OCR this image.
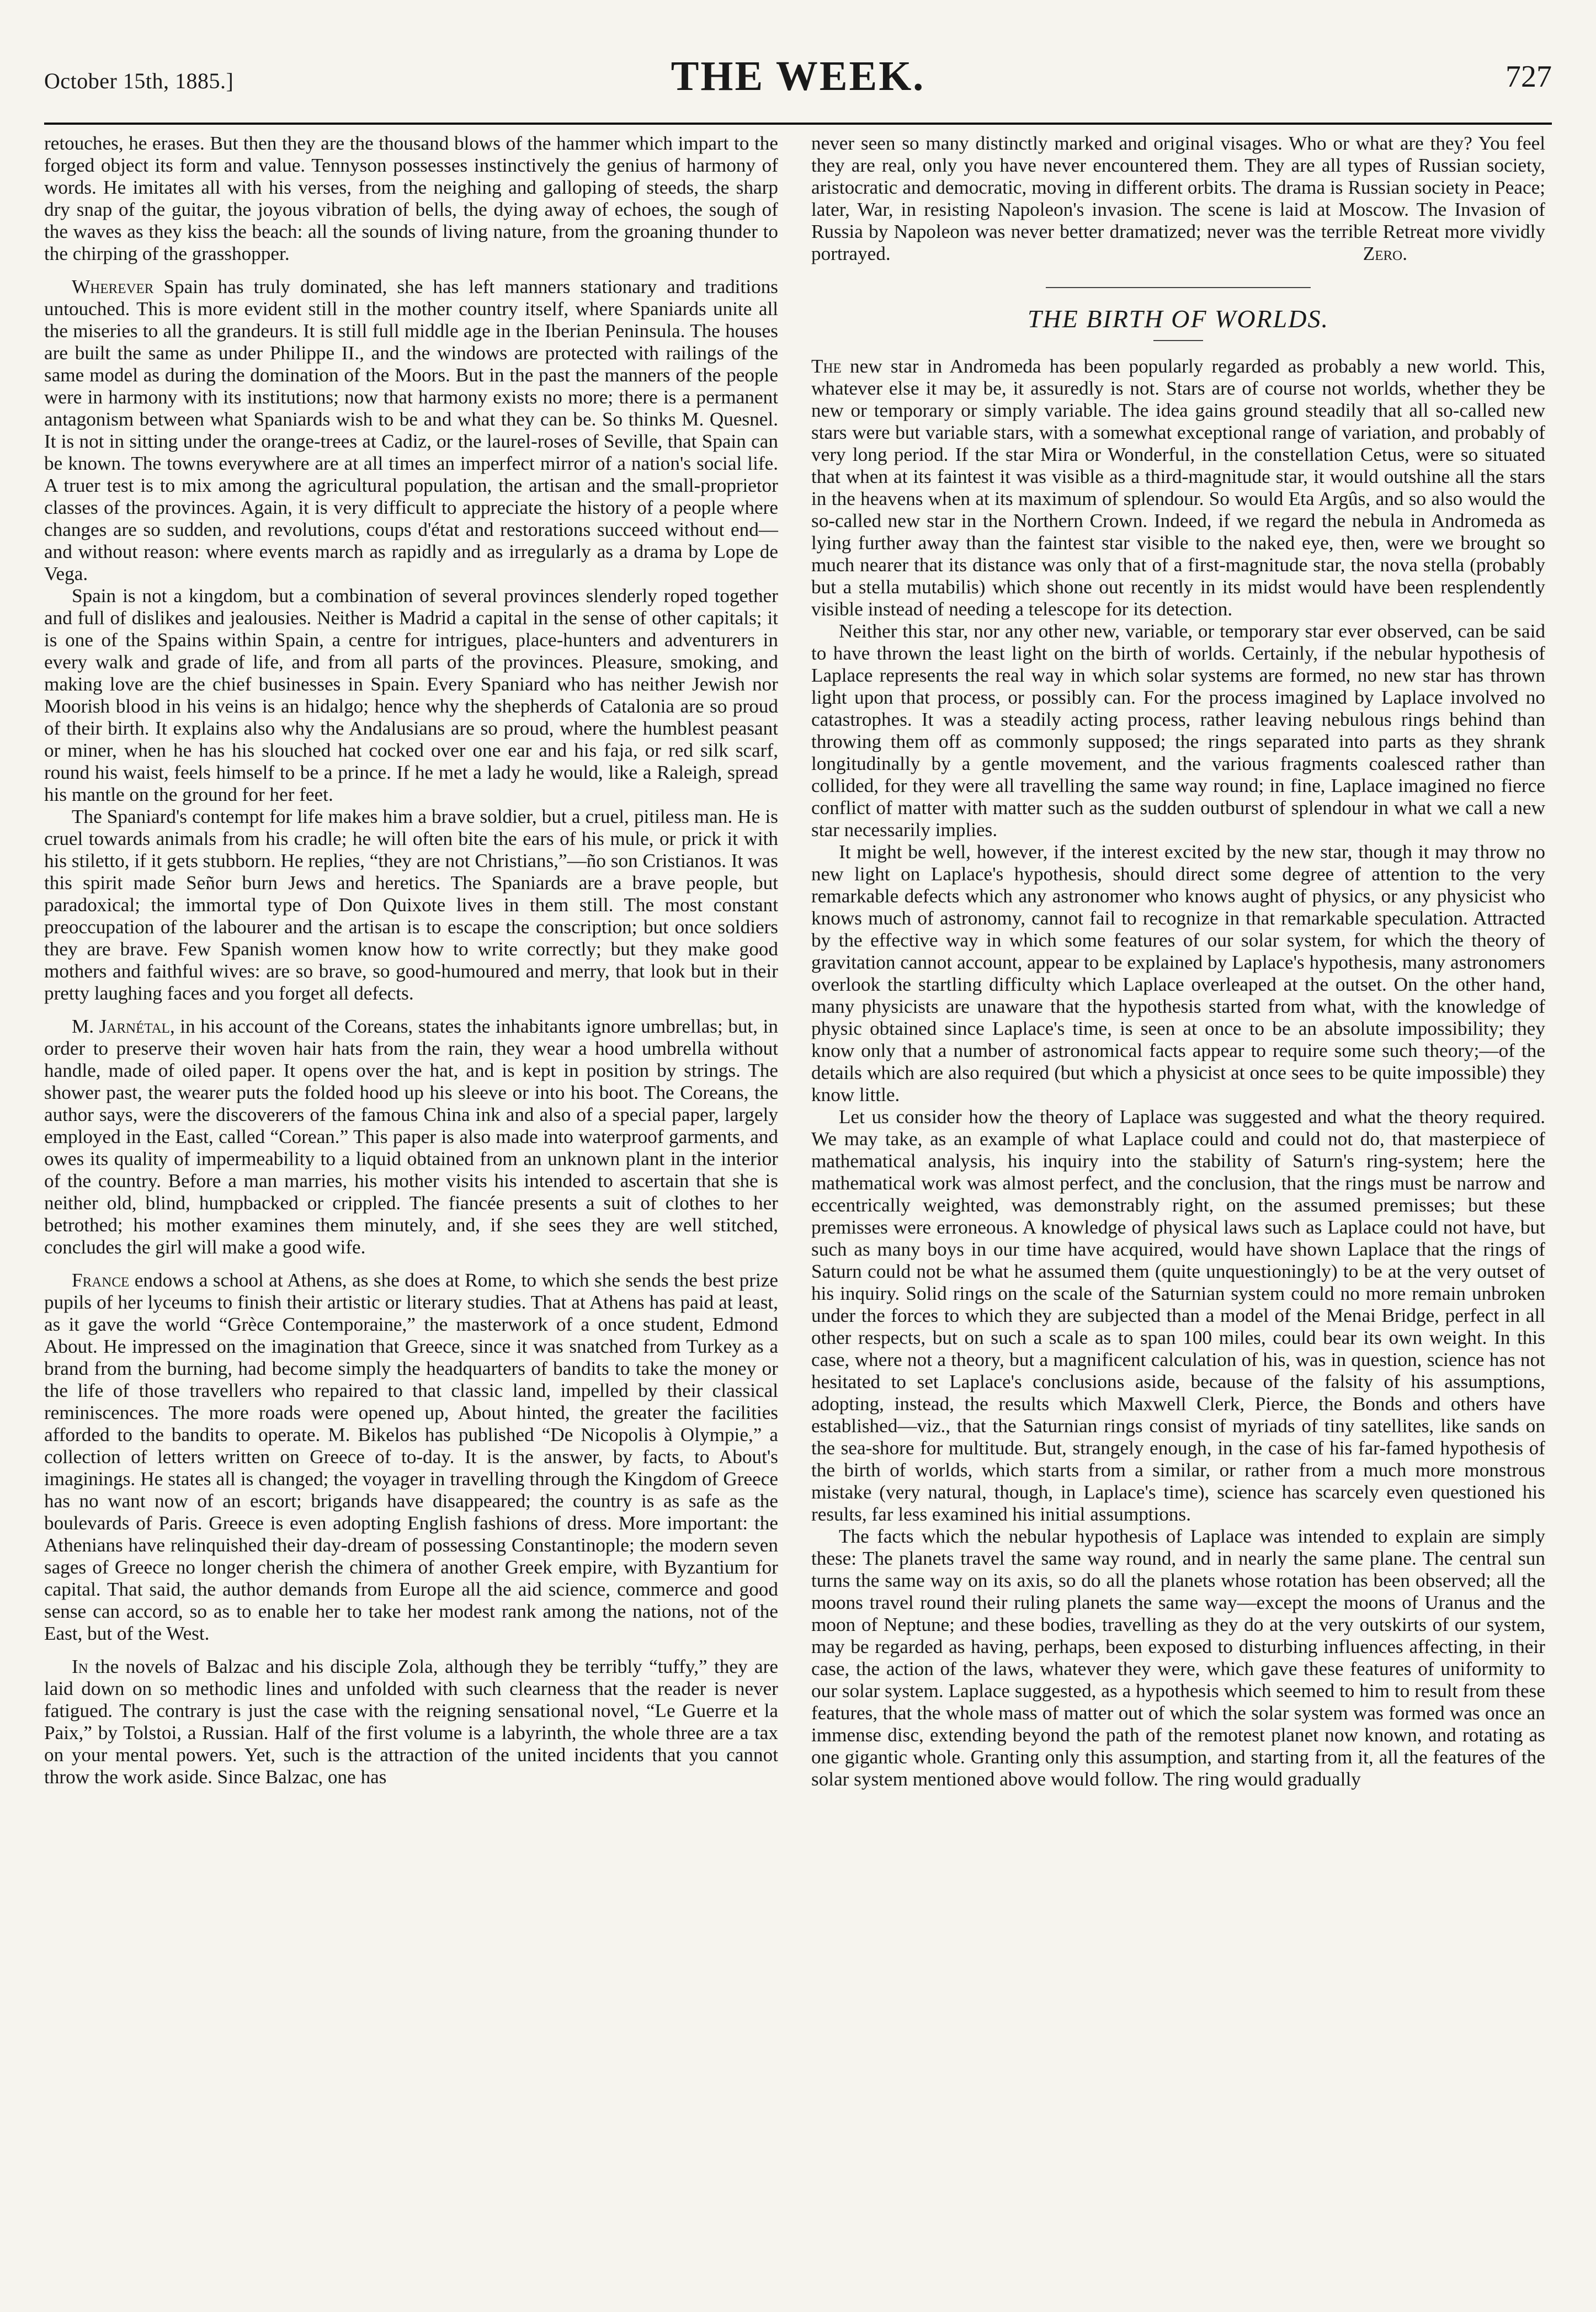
October 15th, 1885.]	THE WEEK.	727

retouches, he erases. But then they are the thousand blows of the hammer which impart to the forged object its form and value. Tennyson possesses instinctively the genius of harmony of words. He imitates all with his verses, from the neighing and galloping of steeds, the sharp dry snap of the guitar, the joyous vibration of bells, the dying away of echoes, the sough of the waves as they kiss the beach: all the sounds of living nature, from the groaning thunder to the chirping of the grasshopper.

Wherever Spain has truly dominated, she has left manners stationary and traditions untouched. This is more evident still in the mother country itself, where Spaniards unite all the miseries to all the grandeurs. It is still full middle age in the Iberian Peninsula. The houses are built the same as under Philippe II., and the windows are protected with railings of the same model as during the domination of the Moors. But in the past the manners of the people were in harmony with its institutions; now that harmony exists no more; there is a permanent antagonism between what Spaniards wish to be and what they can be. So thinks M. Quesnel. It is not in sitting under the orange-trees at Cadiz, or the laurel-roses of Seville, that Spain can be known. The towns everywhere are at all times an imperfect mirror of a nation's social life. A truer test is to mix among the agricultural population, the artisan and the small-proprietor classes of the provinces. Again, it is very difficult to appreciate the history of a people where changes are so sudden, and revolutions, coups d'état and restorations succeed without end—and without reason: where events march as rapidly and as irregularly as a drama by Lope de Vega.

Spain is not a kingdom, but a combination of several provinces slenderly roped together and full of dislikes and jealousies. Neither is Madrid a capital in the sense of other capitals; it is one of the Spains within Spain, a centre for intrigues, place-hunters and adventurers in every walk and grade of life, and from all parts of the provinces. Pleasure, smoking, and making love are the chief businesses in Spain. Every Spaniard who has neither Jewish nor Moorish blood in his veins is an hidalgo; hence why the shepherds of Catalonia are so proud of their birth. It explains also why the Andalusians are so proud, where the humblest peasant or miner, when he has his slouched hat cocked over one ear and his faja, or red silk scarf, round his waist, feels himself to be a prince. If he met a lady he would, like a Raleigh, spread his mantle on the ground for her feet.

The Spaniard's contempt for life makes him a brave soldier, but a cruel, pitiless man. He is cruel towards animals from his cradle; he will often bite the ears of his mule, or prick it with his stiletto, if it gets stubborn. He replies, “they are not Christians,”—ño son Cristianos. It was this spirit made Señor burn Jews and heretics. The Spaniards are a brave people, but paradoxical; the immortal type of Don Quixote lives in them still. The most constant preoccupation of the labourer and the artisan is to escape the conscription; but once soldiers they are brave. Few Spanish women know how to write correctly; but they make good mothers and faithful wives: are so brave, so good-humoured and merry, that look but in their pretty laughing faces and you forget all defects.

M. Jarnétal, in his account of the Coreans, states the inhabitants ignore umbrellas; but, in order to preserve their woven hair hats from the rain, they wear a hood umbrella without handle, made of oiled paper. It opens over the hat, and is kept in position by strings. The shower past, the wearer puts the folded hood up his sleeve or into his boot. The Coreans, the author says, were the discoverers of the famous China ink and also of a special paper, largely employed in the East, called “Corean.” This paper is also made into waterproof garments, and owes its quality of impermeability to a liquid obtained from an unknown plant in the interior of the country. Before a man marries, his mother visits his intended to ascertain that she is neither old, blind, humpbacked or crippled. The fiancée presents a suit of clothes to her betrothed; his mother examines them minutely, and, if she sees they are well stitched, concludes the girl will make a good wife.

France endows a school at Athens, as she does at Rome, to which she sends the best prize pupils of her lyceums to finish their artistic or literary studies. That at Athens has paid at least, as it gave the world “Grèce Contemporaine,” the masterwork of a once student, Edmond About. He impressed on the imagination that Greece, since it was snatched from Turkey as a brand from the burning, had become simply the headquarters of bandits to take the money or the life of those travellers who repaired to that classic land, impelled by their classical reminiscences. The more roads were opened up, About hinted, the greater the facilities afforded to the bandits to operate. M. Bikelos has published “De Nicopolis à Olympie,” a collection of letters written on Greece of to-day. It is the answer, by facts, to About's imaginings. He states all is changed; the voyager in travelling through the Kingdom of Greece has no want now of an escort; brigands have disappeared; the country is as safe as the boulevards of Paris. Greece is even adopting English fashions of dress. More important: the Athenians have relinquished their day-dream of possessing Constantinople; the modern seven sages of Greece no longer cherish the chimera of another Greek empire, with Byzantium for capital. That said, the author demands from Europe all the aid science, commerce and good sense can accord, so as to enable her to take her modest rank among the nations, not of the East, but of the West.

In the novels of Balzac and his disciple Zola, although they be terribly “tuffy,” they are laid down on so methodic lines and unfolded with such clearness that the reader is never fatigued. The contrary is just the case with the reigning sensational novel, “Le Guerre et la Paix,” by Tolstoi, a Russian. Half of the first volume is a labyrinth, the whole three are a tax on your mental powers. Yet, such is the attraction of the united incidents that you cannot throw the work aside. Since Balzac, one has

never seen so many distinctly marked and original visages. Who or what are they? You feel they are real, only you have never encountered them. They are all types of Russian society, aristocratic and democratic, moving in different orbits. The drama is Russian society in Peace; later, War, in resisting Napoleon's invasion. The scene is laid at Moscow. The Invasion of Russia by Napoleon was never better dramatized; never was the terrible Retreat more vividly portrayed.	Zero.
THE BIRTH OF WORLDS.

The new star in Andromeda has been popularly regarded as probably a new world. This, whatever else it may be, it assuredly is not. Stars are of course not worlds, whether they be new or temporary or simply variable. The idea gains ground steadily that all so-called new stars were but variable stars, with a somewhat exceptional range of variation, and probably of very long period. If the star Mira or Wonderful, in the constellation Cetus, were so situated that when at its faintest it was visible as a third-magnitude star, it would outshine all the stars in the heavens when at its maximum of splendour. So would Eta Argûs, and so also would the so-called new star in the Northern Crown. Indeed, if we regard the nebula in Andromeda as lying further away than the faintest star visible to the naked eye, then, were we brought so much nearer that its distance was only that of a first-magnitude star, the nova stella (probably but a stella mutabilis) which shone out recently in its midst would have been resplendently visible instead of needing a telescope for its detection.

Neither this star, nor any other new, variable, or temporary star ever observed, can be said to have thrown the least light on the birth of worlds. Certainly, if the nebular hypothesis of Laplace represents the real way in which solar systems are formed, no new star has thrown light upon that process, or possibly can. For the process imagined by Laplace involved no catastrophes. It was a steadily acting process, rather leaving nebulous rings behind than throwing them off as commonly supposed; the rings separated into parts as they shrank longitudinally by a gentle movement, and the various fragments coalesced rather than collided, for they were all travelling the same way round; in fine, Laplace imagined no fierce conflict of matter with matter such as the sudden outburst of splendour in what we call a new star necessarily implies.

It might be well, however, if the interest excited by the new star, though it may throw no new light on Laplace's hypothesis, should direct some degree of attention to the very remarkable defects which any astronomer who knows aught of physics, or any physicist who knows much of astronomy, cannot fail to recognize in that remarkable speculation. Attracted by the effective way in which some features of our solar system, for which the theory of gravitation cannot account, appear to be explained by Laplace's hypothesis, many astronomers overlook the startling difficulty which Laplace overleaped at the outset. On the other hand, many physicists are unaware that the hypothesis started from what, with the knowledge of physic obtained since Laplace's time, is seen at once to be an absolute impossibility; they know only that a number of astronomical facts appear to require some such theory;—of the details which are also required (but which a physicist at once sees to be quite impossible) they know little.

Let us consider how the theory of Laplace was suggested and what the theory required. We may take, as an example of what Laplace could and could not do, that masterpiece of mathematical analysis, his inquiry into the stability of Saturn's ring-system; here the mathematical work was almost perfect, and the conclusion, that the rings must be narrow and eccentrically weighted, was demonstrably right, on the assumed premisses; but these premisses were erroneous. A knowledge of physical laws such as Laplace could not have, but such as many boys in our time have acquired, would have shown Laplace that the rings of Saturn could not be what he assumed them (quite unquestioningly) to be at the very outset of his inquiry. Solid rings on the scale of the Saturnian system could no more remain unbroken under the forces to which they are subjected than a model of the Menai Bridge, perfect in all other respects, but on such a scale as to span 100 miles, could bear its own weight. In this case, where not a theory, but a magnificent calculation of his, was in question, science has not hesitated to set Laplace's conclusions aside, because of the falsity of his assumptions, adopting, instead, the results which Maxwell Clerk, Pierce, the Bonds and others have established—viz., that the Saturnian rings consist of myriads of tiny satellites, like sands on the sea-shore for multitude. But, strangely enough, in the case of his far-famed hypothesis of the birth of worlds, which starts from a similar, or rather from a much more monstrous mistake (very natural, though, in Laplace's time), science has scarcely even questioned his results, far less examined his initial assumptions.

The facts which the nebular hypothesis of Laplace was intended to explain are simply these: The planets travel the same way round, and in nearly the same plane. The central sun turns the same way on its axis, so do all the planets whose rotation has been observed; all the moons travel round their ruling planets the same way—except the moons of Uranus and the moon of Neptune; and these bodies, travelling as they do at the very outskirts of our system, may be regarded as having, perhaps, been exposed to disturbing influences affecting, in their case, the action of the laws, whatever they were, which gave these features of uniformity to our solar system. Laplace suggested, as a hypothesis which seemed to him to result from these features, that the whole mass of matter out of which the solar system was formed was once an immense disc, extending beyond the path of the remotest planet now known, and rotating as one gigantic whole. Granting only this assumption, and starting from it, all the features of the solar system mentioned above would follow. The ring would gradually
